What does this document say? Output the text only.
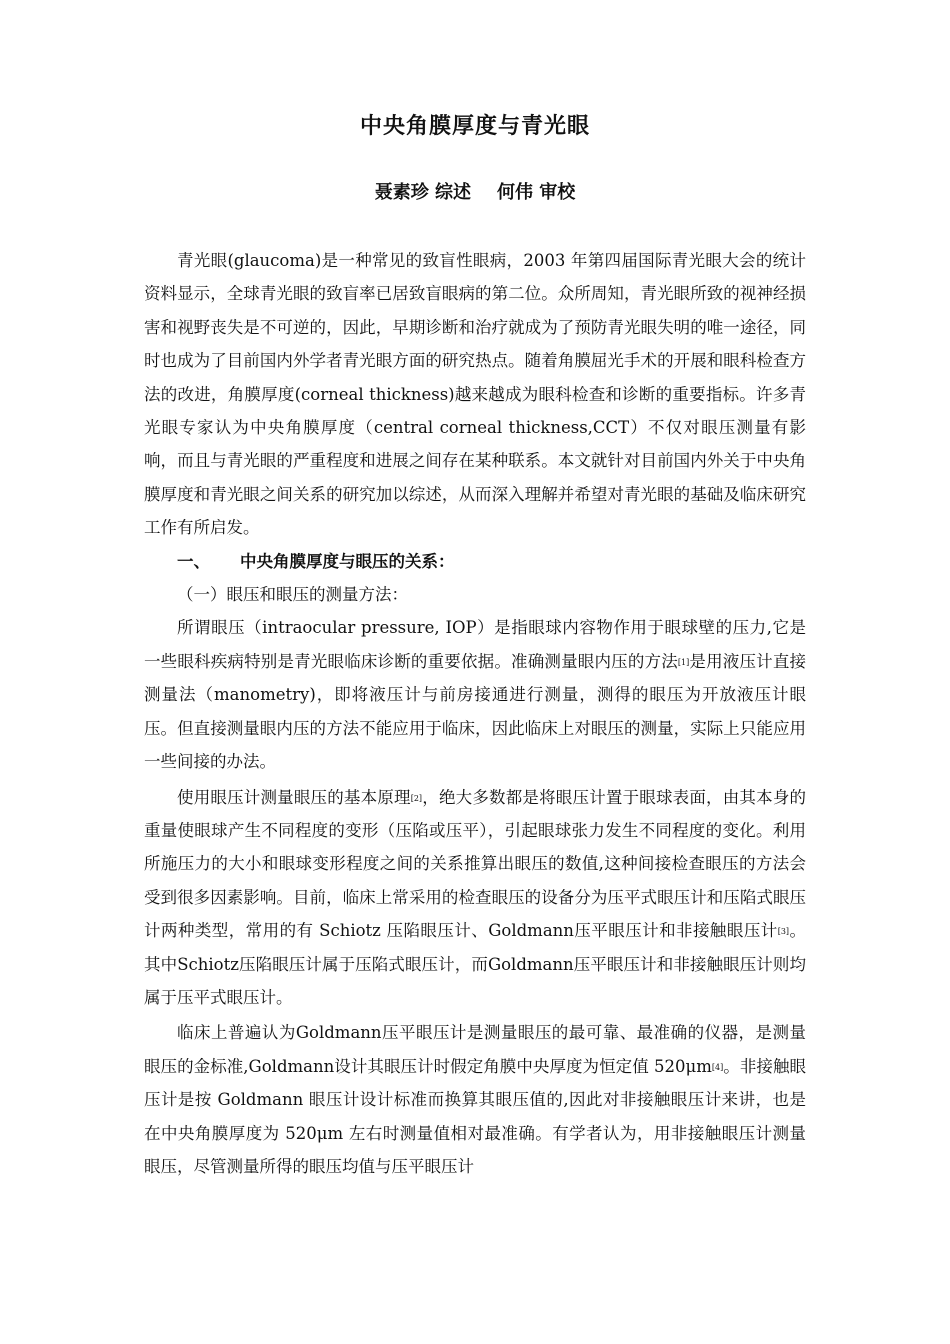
中央角膜厚度与青光眼
聂素珍 综述 何伟 审校

青光眼(glaucoma)是一种常见的致盲性眼病，2003 年第四届国际青光眼大会的统计资料显示，全球青光眼的致盲率已居致盲眼病的第二位。众所周知，青光眼所致的视神经损害和视野丧失是不可逆的，因此，早期诊断和治疗就成为了预防青光眼失明的唯一途径，同时也成为了目前国内外学者青光眼方面的研究热点。随着角膜屈光手术的开展和眼科检查方法的改进，角膜厚度(corneal thickness)越来越成为眼科检查和诊断的重要指标。许多青光眼专家认为中央角膜厚度（central corneal thickness,CCT）不仅对眼压测量有影响，而且与青光眼的严重程度和进展之间存在某种联系。本文就针对目前国内外关于中央角膜厚度和青光眼之间关系的研究加以综述，从而深入理解并希望对青光眼的基础及临床研究工作有所启发。

一、 中央角膜厚度与眼压的关系：

（一）眼压和眼压的测量方法：

所谓眼压（intraocular pressure, IOP）是指眼球内容物作用于眼球壁的压力,它是一些眼科疾病特别是青光眼临床诊断的重要依据。准确测量眼内压的方法[1]是用液压计直接测量法（manometry)，即将液压计与前房接通进行测量，测得的眼压为开放液压计眼压。但直接测量眼内压的方法不能应用于临床，因此临床上对眼压的测量，实际上只能应用一些间接的办法。

使用眼压计测量眼压的基本原理[2]，绝大多数都是将眼压计置于眼球表面，由其本身的重量使眼球产生不同程度的变形（压陷或压平），引起眼球张力发生不同程度的变化。利用所施压力的大小和眼球变形程度之间的关系推算出眼压的数值,这种间接检查眼压的方法会受到很多因素影响。目前，临床上常采用的检查眼压的设备分为压平式眼压计和压陷式眼压计两种类型，常用的有 Schiotz 压陷眼压计、Goldmann压平眼压计和非接触眼压计[3]。其中Schiotz压陷眼压计属于压陷式眼压计，而Goldmann压平眼压计和非接触眼压计则均属于压平式眼压计。

临床上普遍认为Goldmann压平眼压计是测量眼压的最可靠、最准确的仪器，是测量眼压的金标准,Goldmann设计其眼压计时假定角膜中央厚度为恒定值 520μm[4]。非接触眼压计是按 Goldmann 眼压计设计标准而换算其眼压值的,因此对非接触眼压计来讲，也是在中央角膜厚度为 520μm 左右时测量值相对最准确。有学者认为，用非接触眼压计测量眼压，尽管测量所得的眼压均值与压平眼压计
